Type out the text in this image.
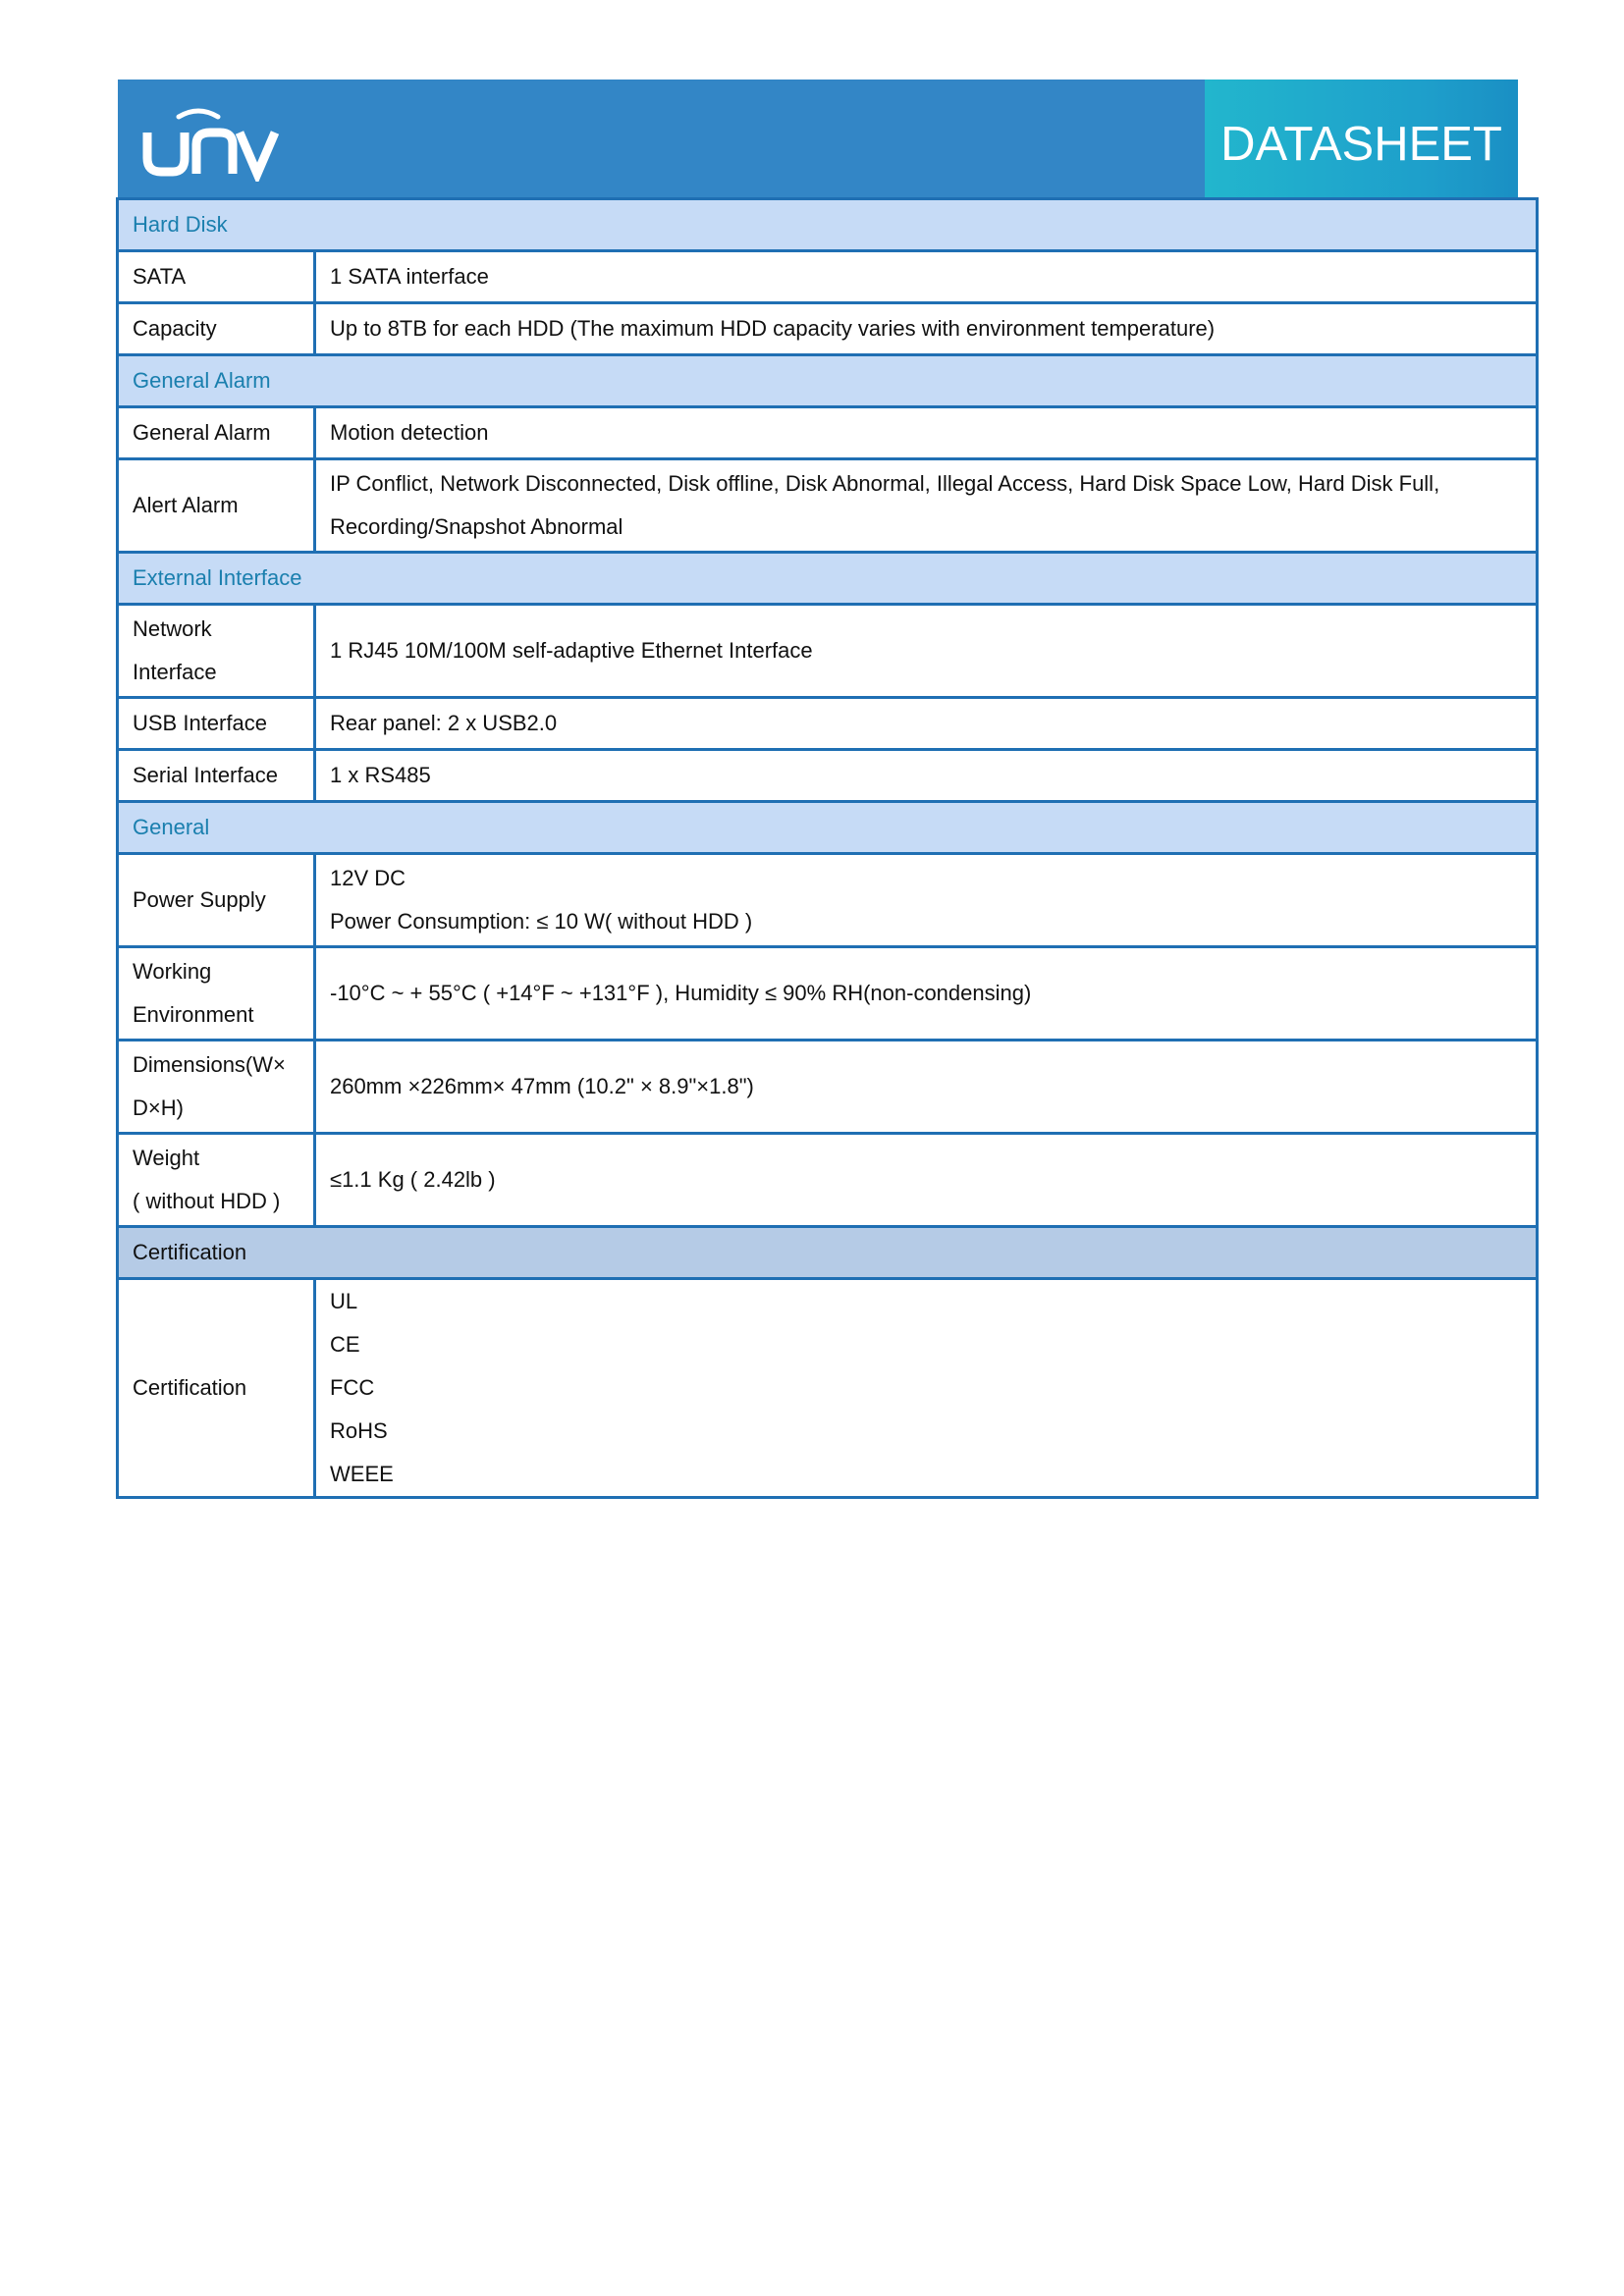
DATASHEET
Hard Disk	
SATA	1 SATA interface
Capacity	Up to 8TB for each HDD (The maximum HDD capacity varies with environment temperature)
General Alarm	
General Alarm	Motion detection
Alert Alarm	IP Conflict, Network Disconnected, Disk offline, Disk Abnormal, Illegal Access, Hard Disk Space Low, Hard Disk Full,
Recording/Snapshot Abnormal

External Interface	

Network
Interface	1 RJ45 10M/100M self-adaptive Ethernet Interface
USB Interface	Rear panel: 2 x USB2.0
Serial Interface	1 x RS485
General	
Power Supply	12V DC
Power Consumption: ≤ 10 W( without HDD )

Working
Environment	-10°C ~ + 55°C ( +14°F ~ +131°F ), Humidity ≤ 90% RH(non-condensing)

Dimensions(W×
D×H)	260mm ×226mm× 47mm (10.2" × 8.9"×1.8")

Weight
( without HDD )	≤1.1 Kg ( 2.42lb )
Certification	
Certification	UL
CE
FCC
RoHS
WEEE
